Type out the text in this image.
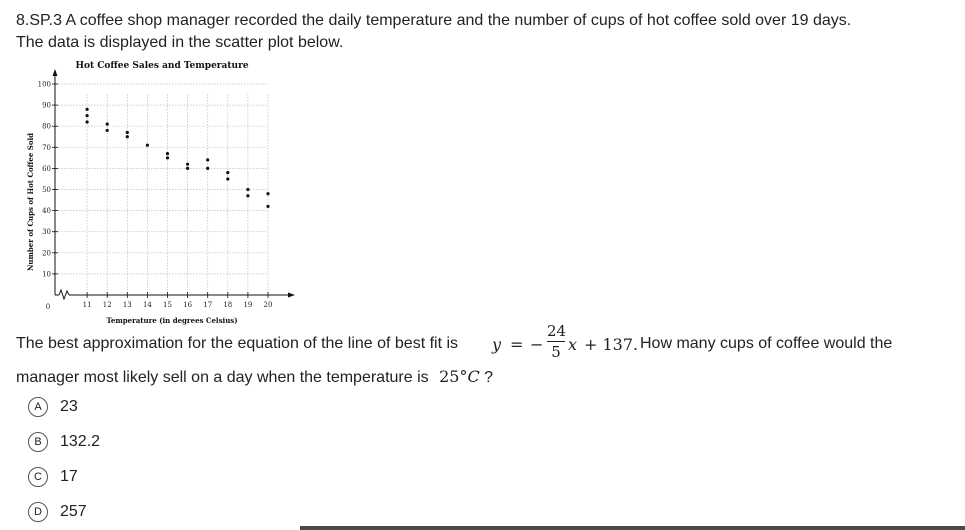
8.SP.3 A coffee shop manager recorded the daily temperature and the number of cups of hot coffee sold over 19 days.

The data is displayed in the scatter plot below.

Hot Coffee Sales and Temperature
10
20
30
40
50
60
70
80
90
100
11 12 13 14 15 16 17 18 19 20
0
Temperature (in degrees Celsius)
Number of Cups of Hot Coffee Sold
The best approximation for the equation of the line of best fit is y = −
24
5 x + 137. How many cups of coffee would the
manager most likely sell on a day when the temperature is 25°C ?
A	23
B	132.2
C	17
D	257
